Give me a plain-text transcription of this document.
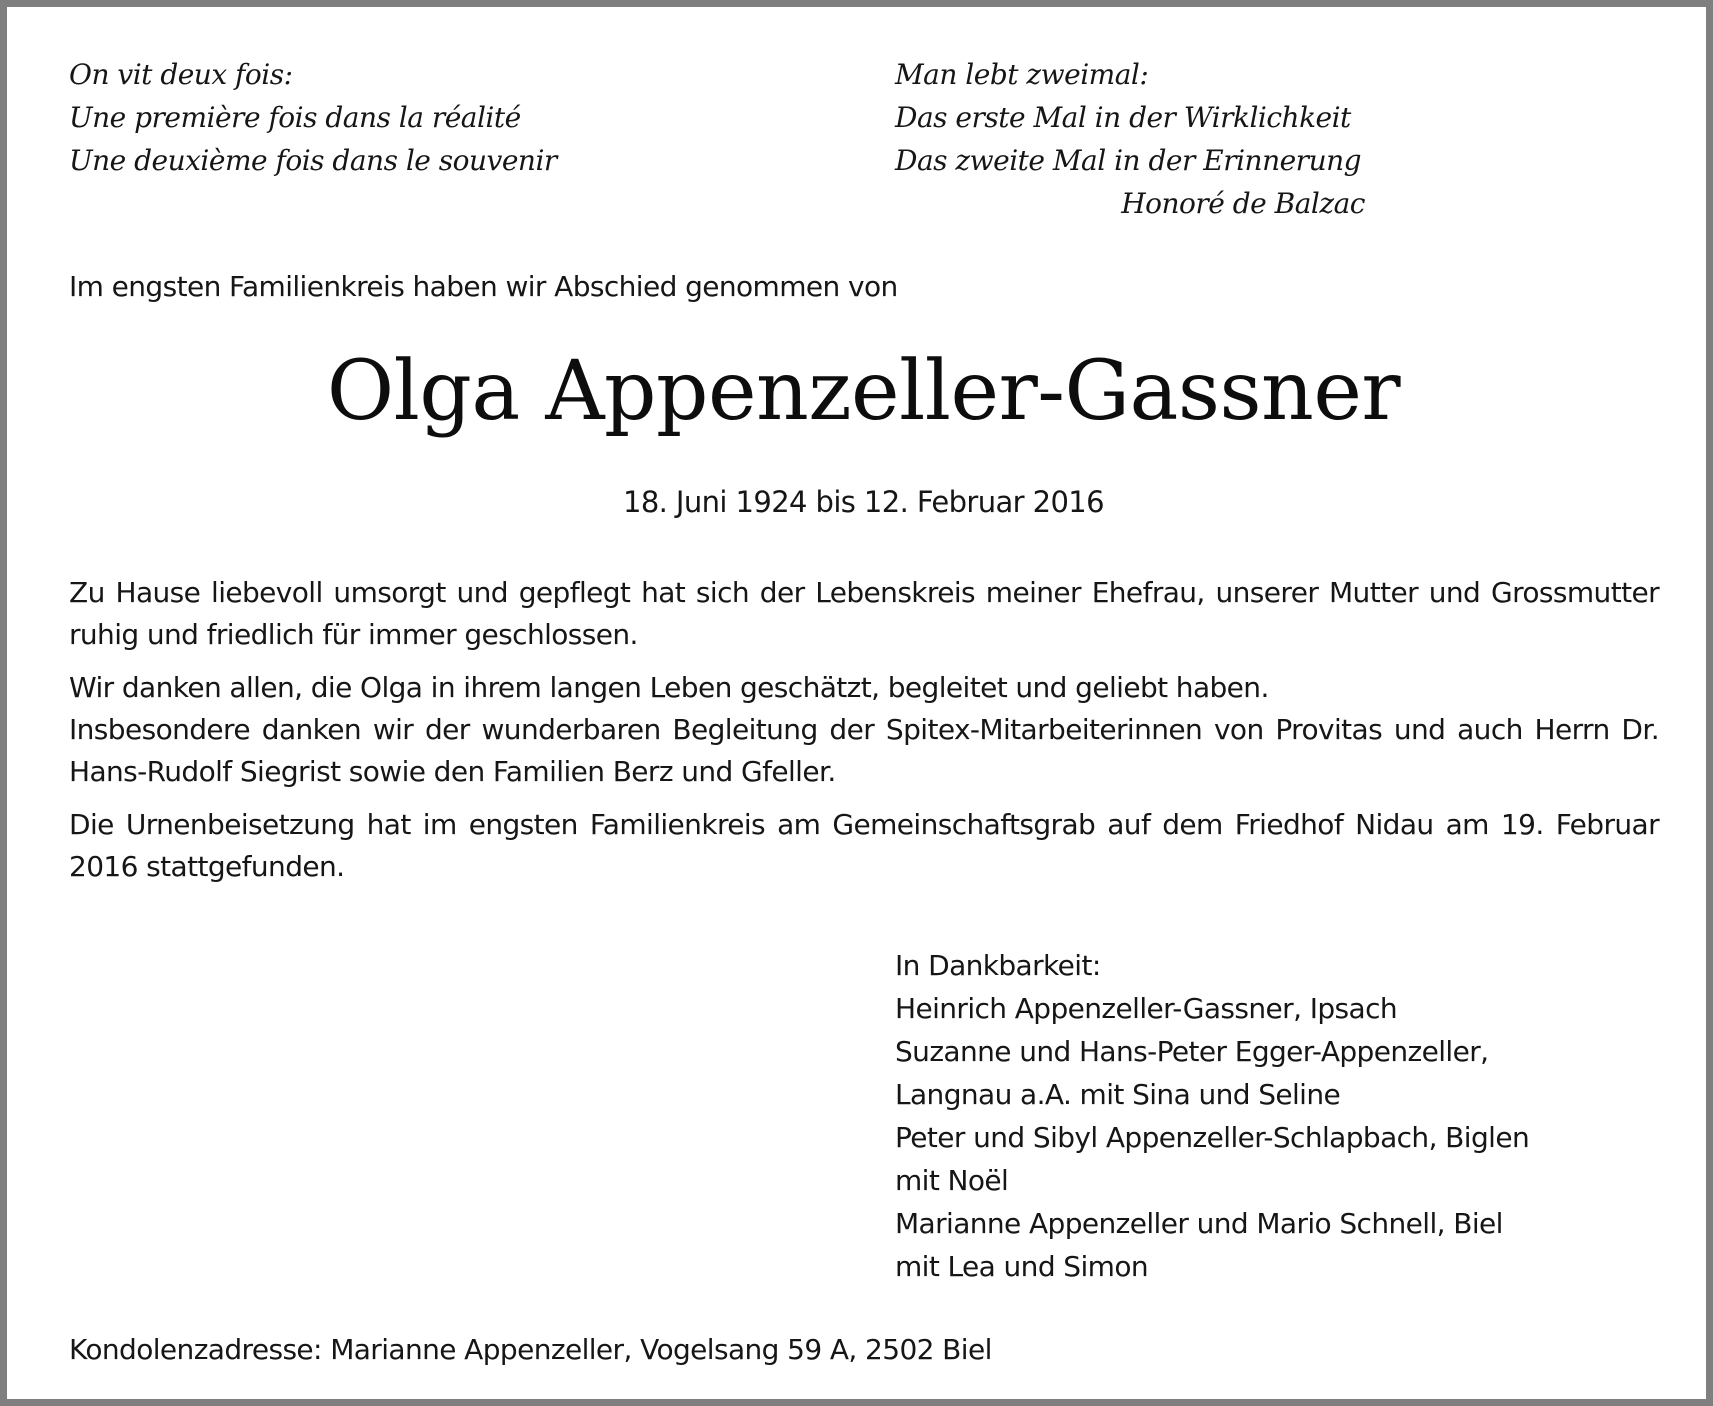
On vit deux fois:
Une première fois dans la réalité
Une deuxième fois dans le souvenir
Man lebt zweimal:
Das erste Mal in der Wirklichkeit
Das zweite Mal in der Erinnerung
Honoré de Balzac
Im engsten Familienkreis haben wir Abschied genommen von
Olga Appenzeller-Gassner
18. Juni 1924 bis 12. Februar 2016

Zu Hause liebevoll umsorgt und gepflegt hat sich der Lebenskreis meiner Ehefrau, unserer Mutter und Grossmutter ruhig und friedlich für immer geschlossen.

Wir danken allen, die Olga in ihrem langen Leben geschätzt, begleitet und geliebt haben.
Insbesondere danken wir der wunderbaren Begleitung der Spitex-Mitarbeiterinnen von Provitas und auch Herrn Dr. Hans-Rudolf Siegrist sowie den Familien Berz und Gfeller.

Die Urnenbeisetzung hat im engsten Familienkreis am Gemeinschaftsgrab auf dem Friedhof Nidau am 19. Februar 2016 stattgefunden.

In Dankbarkeit:
Heinrich Appenzeller-Gassner, Ipsach
Suzanne und Hans-Peter Egger-Appenzeller,
Langnau a.A. mit Sina und Seline
Peter und Sibyl Appenzeller-Schlapbach, Biglen
mit Noël
Marianne Appenzeller und Mario Schnell, Biel
mit Lea und Simon
Kondolenzadresse: Marianne Appenzeller, Vogelsang 59 A, 2502 Biel
